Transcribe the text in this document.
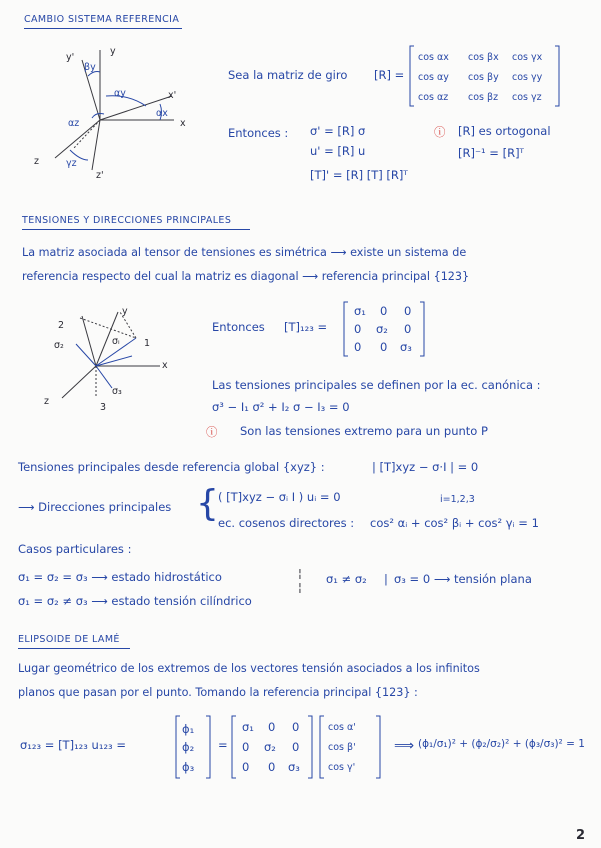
CAMBIO SISTEMA REFERENCIA
y'
y
βy
αy	x'
αx
x
αz
z	γz
z'
Sea la matriz de giro [R] =
cos αx cos βx cos γx
cos αy cos βy cos γy
cos αz cos βz cos γz
Entonces : σ' = [R] σ
u' = [R] u
[T]' = [R] [T] [R]ᵀ
ⓘ [R] es ortogonal
[R]⁻¹ = [R]ᵀ
TENSIONES Y DIRECCIONES PRINCIPALES
La matriz asociada al tensor de tensiones es simétrica ⟶ existe un sistema de
referencia respecto del cual la matriz es diagonal ⟶ referencia principal {123}
2
y
σ₂	σᵢ	1
x
z
σ₃
3
Entonces [T]₁₂₃ =
σ₁ 0 0
0 σ₂ 0
0 0 σ₃
Las tensiones principales se definen por la ec. canónica :
σ³ − I₁ σ² + I₂ σ − I₃ = 0
ⓘ Son las tensiones extremo para un punto P
Tensiones principales desde referencia global {xyz} :	| [T]xyz − σ·I | = 0
⟶ Direcciones principales { ( [T]xyz − σᵢ I ) uᵢ = 0	i=1,2,3
ec. cosenos directores : cos² αᵢ + cos² βᵢ + cos² γᵢ = 1
Casos particulares :
σ₁ = σ₂ = σ₃ ⟶ estado hidrostático
σ₁ = σ₂ ≠ σ₃ ⟶ estado tensión cilíndrico
¦
¦
σ₁ ≠ σ₂ | σ₃ = 0 ⟶ tensión plana
ELIPSOIDE DE LAMÉ
Lugar geométrico de los extremos de los vectores tensión asociados a los infinitos
planos que pasan por el punto. Tomando la referencia principal {123} :
σ₁₂₃ = [T]₁₂₃ u₁₂₃ =
ϕ₁
ϕ₂
ϕ₃
=
σ₁ 0 0
0 σ₂ 0
0 0 σ₃
cos α'
cos β'
cos γ'
⟹ (ϕ₁/σ₁)² + (ϕ₂/σ₂)² + (ϕ₃/σ₃)² = 1
2
